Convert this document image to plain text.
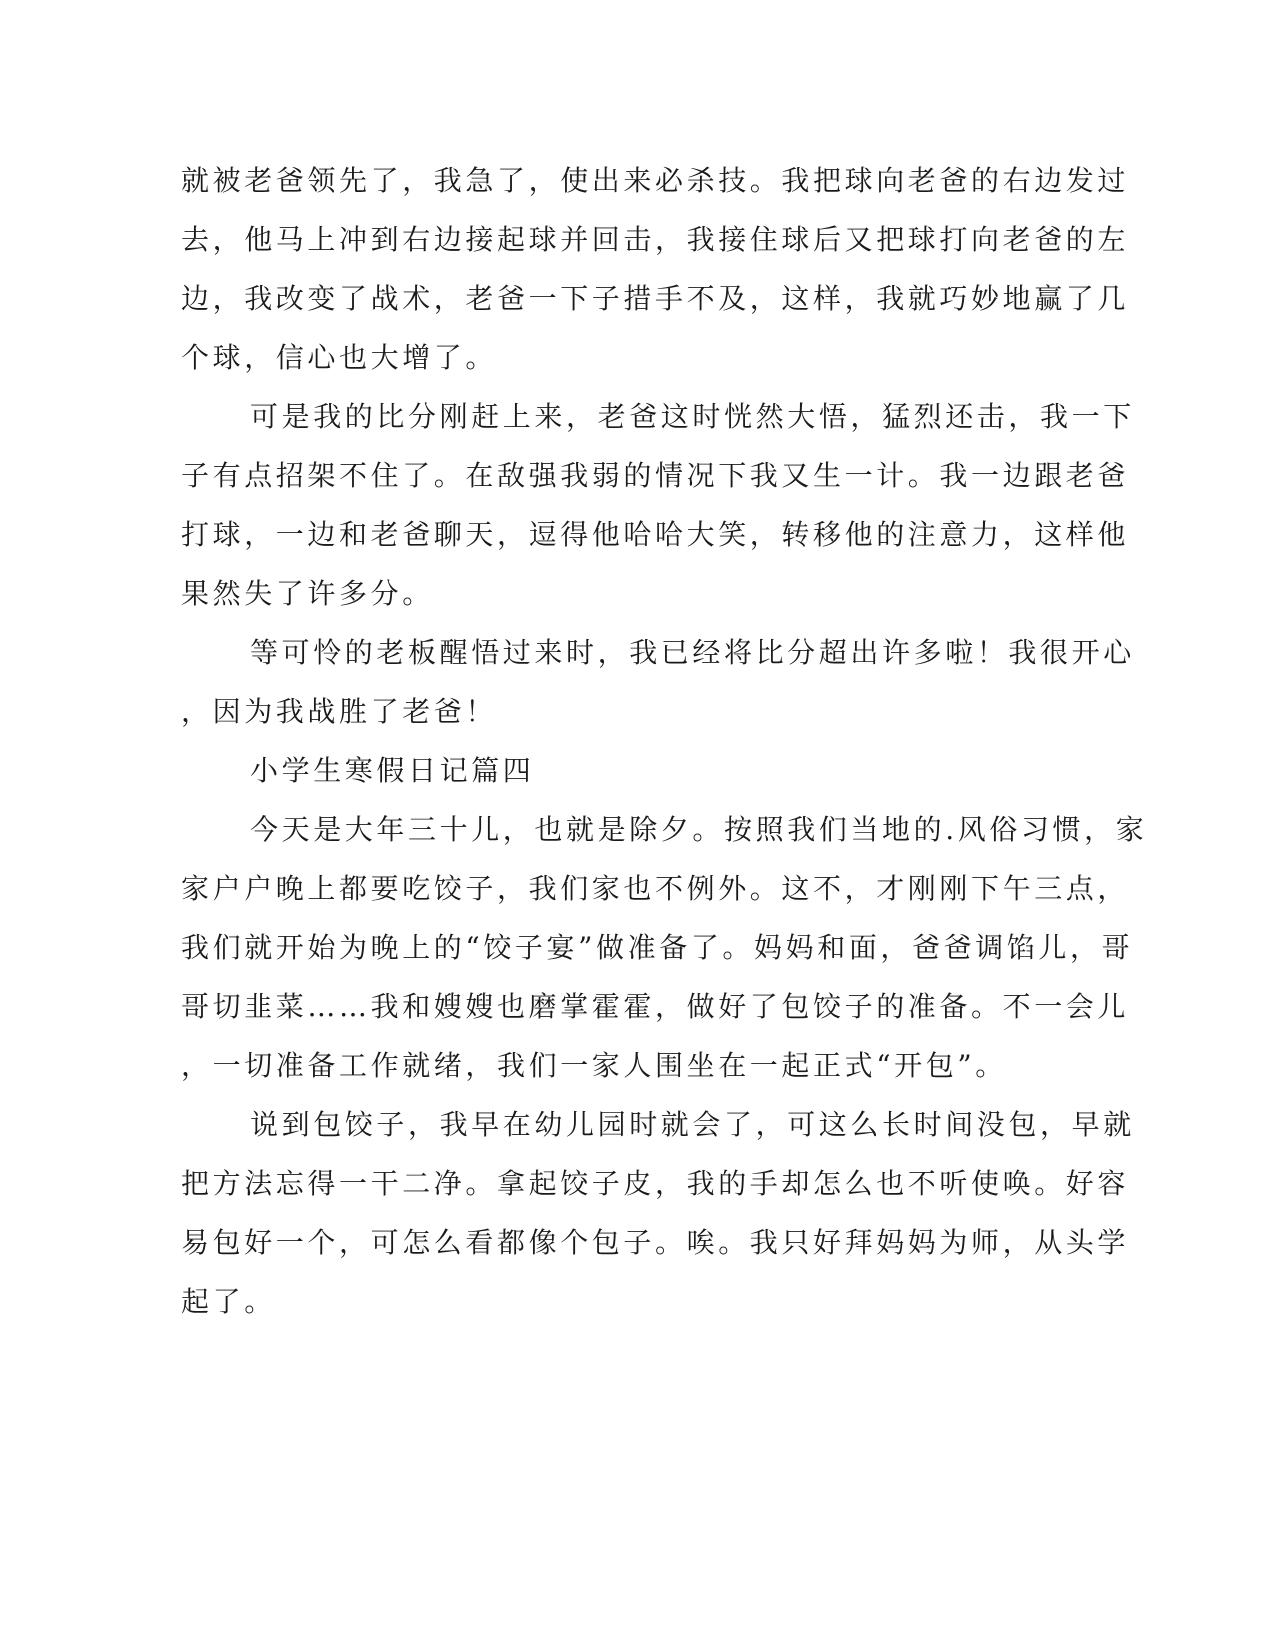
就被老爸领先了，我急了，使出来必杀技。我把球向老爸的右边发过
去，他马上冲到右边接起球并回击，我接住球后又把球打向老爸的左
边，我改变了战术，老爸一下子措手不及，这样，我就巧妙地赢了几
个球，信心也大增了。
可是我的比分刚赶上来，老爸这时恍然大悟，猛烈还击，我一下
子有点招架不住了。在敌强我弱的情况下我又生一计。我一边跟老爸
打球，一边和老爸聊天，逗得他哈哈大笑，转移他的注意力，这样他
果然失了许多分。
等可怜的老板醒悟过来时，我已经将比分超出许多啦！我很开心
，因为我战胜了老爸！
小学生寒假日记篇四
今天是大年三十儿，也就是除夕。按照我们当地的.风俗习惯，家
家户户晚上都要吃饺子，我们家也不例外。这不，才刚刚下午三点，
我们就开始为晚上的“饺子宴”做准备了。妈妈和面，爸爸调馅儿，哥
哥切韭菜……我和嫂嫂也磨掌霍霍，做好了包饺子的准备。不一会儿
，一切准备工作就绪，我们一家人围坐在一起正式“开包”。
说到包饺子，我早在幼儿园时就会了，可这么长时间没包，早就
把方法忘得一干二净。拿起饺子皮，我的手却怎么也不听使唤。好容
易包好一个，可怎么看都像个包子。唉。我只好拜妈妈为师，从头学
起了。
